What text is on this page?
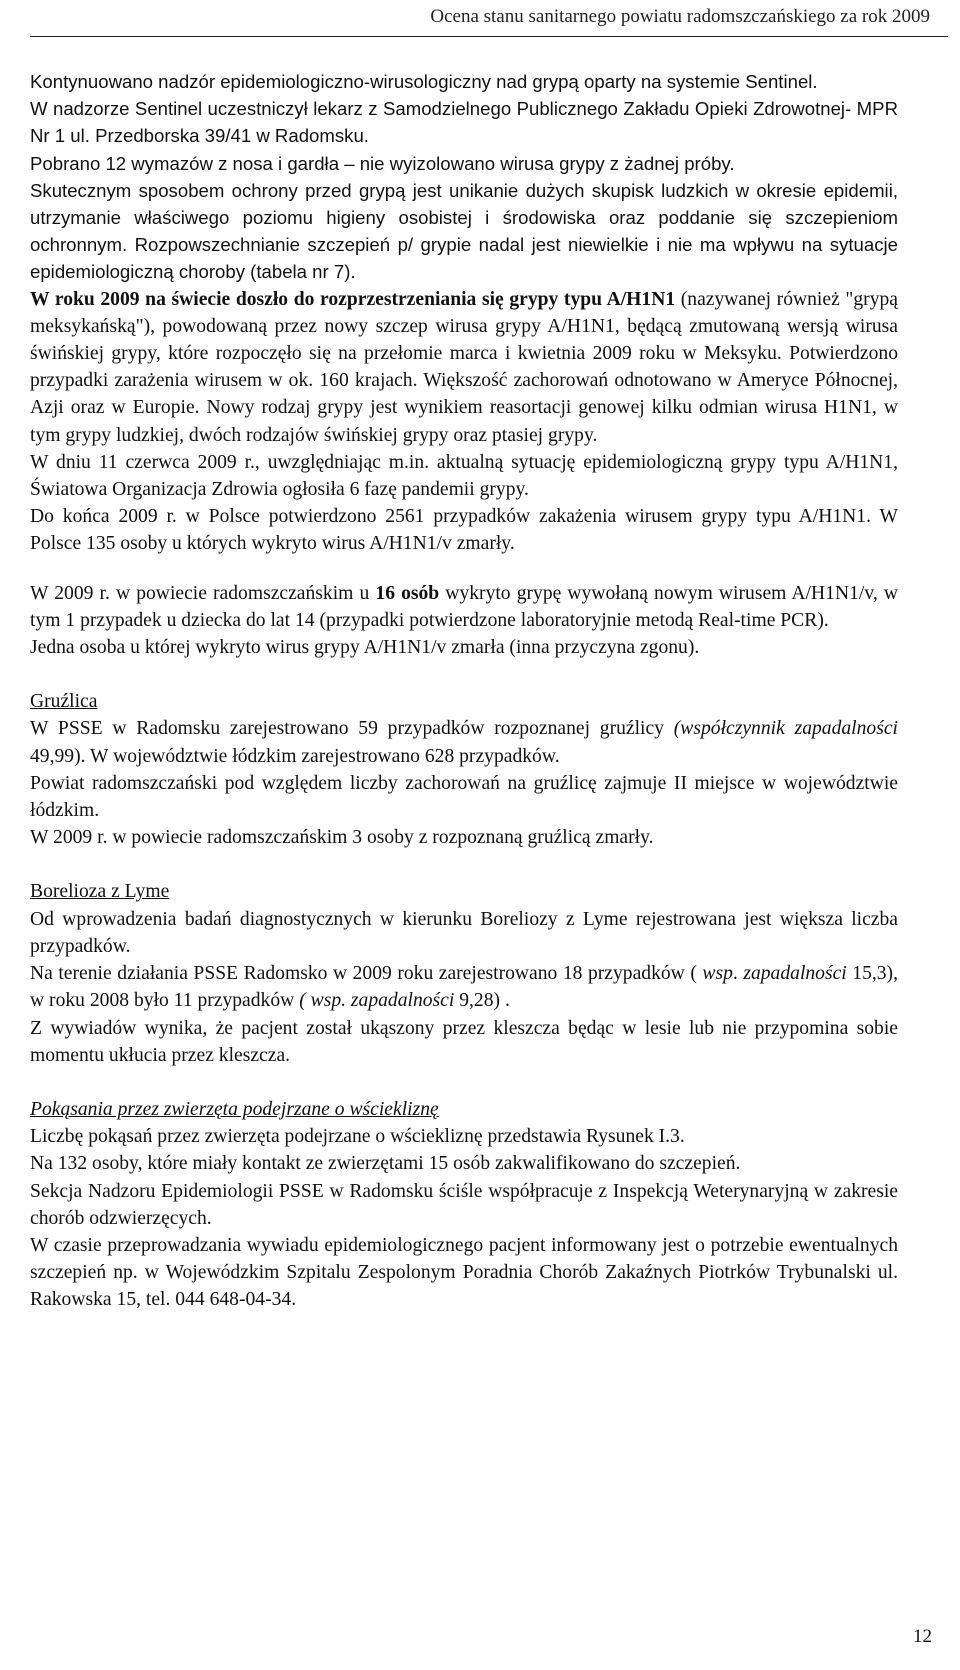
Ocena stanu sanitarnego powiatu radomszczańskiego za rok 2009

Kontynuowano nadzór epidemiologiczno-wirusologiczny nad grypą oparty na systemie Sentinel.

W nadzorze Sentinel uczestniczył lekarz z Samodzielnego Publicznego Zakładu Opieki Zdrowotnej- MPR Nr 1 ul. Przedborska 39/41 w Radomsku.

Pobrano 12 wymazów z nosa i gardła – nie wyizolowano wirusa grypy z żadnej próby.

Skutecznym sposobem ochrony przed grypą jest unikanie dużych skupisk ludzkich w okresie epidemii, utrzymanie właściwego poziomu higieny osobistej i środowiska oraz poddanie się szczepieniom ochronnym. Rozpowszechnianie szczepień p/ grypie nadal jest niewielkie i nie ma wpływu na sytuacje epidemiologiczną choroby (tabela nr 7).

W roku 2009 na świecie doszło do rozprzestrzeniania się grypy typu A/H1N1 (nazywanej również "grypą meksykańską"), powodowaną przez nowy szczep wirusa grypy A/H1N1, będącą zmutowaną wersją wirusa świńskiej grypy, które rozpoczęło się na przełomie marca i kwietnia 2009 roku w Meksyku. Potwierdzono przypadki zarażenia wirusem w ok. 160 krajach. Większość zachorowań odnotowano w Ameryce Północnej, Azji oraz w Europie. Nowy rodzaj grypy jest wynikiem reasortacji genowej kilku odmian wirusa H1N1, w tym grypy ludzkiej, dwóch rodzajów świńskiej grypy oraz ptasiej grypy.

W dniu 11 czerwca 2009 r., uwzględniając m.in. aktualną sytuację epidemiologiczną grypy typu A/H1N1, Światowa Organizacja Zdrowia ogłosiła 6 fazę pandemii grypy.

Do końca 2009 r. w Polsce potwierdzono 2561 przypadków zakażenia wirusem grypy typu A/H1N1. W Polsce 135 osoby u których wykryto wirus A/H1N1/v zmarły.

W 2009 r. w powiecie radomszczańskim u 16 osób wykryto grypę wywołaną nowym wirusem A/H1N1/v, w tym 1 przypadek u dziecka do lat 14 (przypadki potwierdzone laboratoryjnie metodą Real-time PCR).

Jedna osoba u której wykryto wirus grypy A/H1N1/v zmarła (inna przyczyna zgonu).

Gruźlica

W PSSE w Radomsku zarejestrowano 59 przypadków rozpoznanej gruźlicy (współczynnik zapadalności 49,99). W województwie łódzkim zarejestrowano 628 przypadków.

Powiat radomszczański pod względem liczby zachorowań na gruźlicę zajmuje II miejsce w województwie łódzkim.

W 2009 r. w powiecie radomszczańskim 3 osoby z rozpoznaną gruźlicą zmarły.

Borelioza z Lyme

Od wprowadzenia badań diagnostycznych w kierunku Boreliozy z Lyme rejestrowana jest większa liczba przypadków.

Na terenie działania PSSE Radomsko w 2009 roku zarejestrowano 18 przypadków ( wsp. zapadalności 15,3), w roku 2008 było 11 przypadków ( wsp. zapadalności 9,28) .

Z wywiadów wynika, że pacjent został ukąszony przez kleszcza będąc w lesie lub nie przypomina sobie momentu ukłucia przez kleszcza.

Pokąsania przez zwierzęta podejrzane o wściekliznę

Liczbę pokąsań przez zwierzęta podejrzane o wściekliznę przedstawia Rysunek I.3.

Na 132 osoby, które miały kontakt ze zwierzętami 15 osób zakwalifikowano do szczepień.

Sekcja Nadzoru Epidemiologii PSSE w Radomsku ściśle współpracuje z Inspekcją Weterynaryjną w zakresie chorób odzwierzęcych.

W czasie przeprowadzania wywiadu epidemiologicznego pacjent informowany jest o potrzebie ewentualnych szczepień np. w Wojewódzkim Szpitalu Zespolonym Poradnia Chorób Zakaźnych Piotrków Trybunalski ul. Rakowska 15, tel. 044 648-04-34.

12
